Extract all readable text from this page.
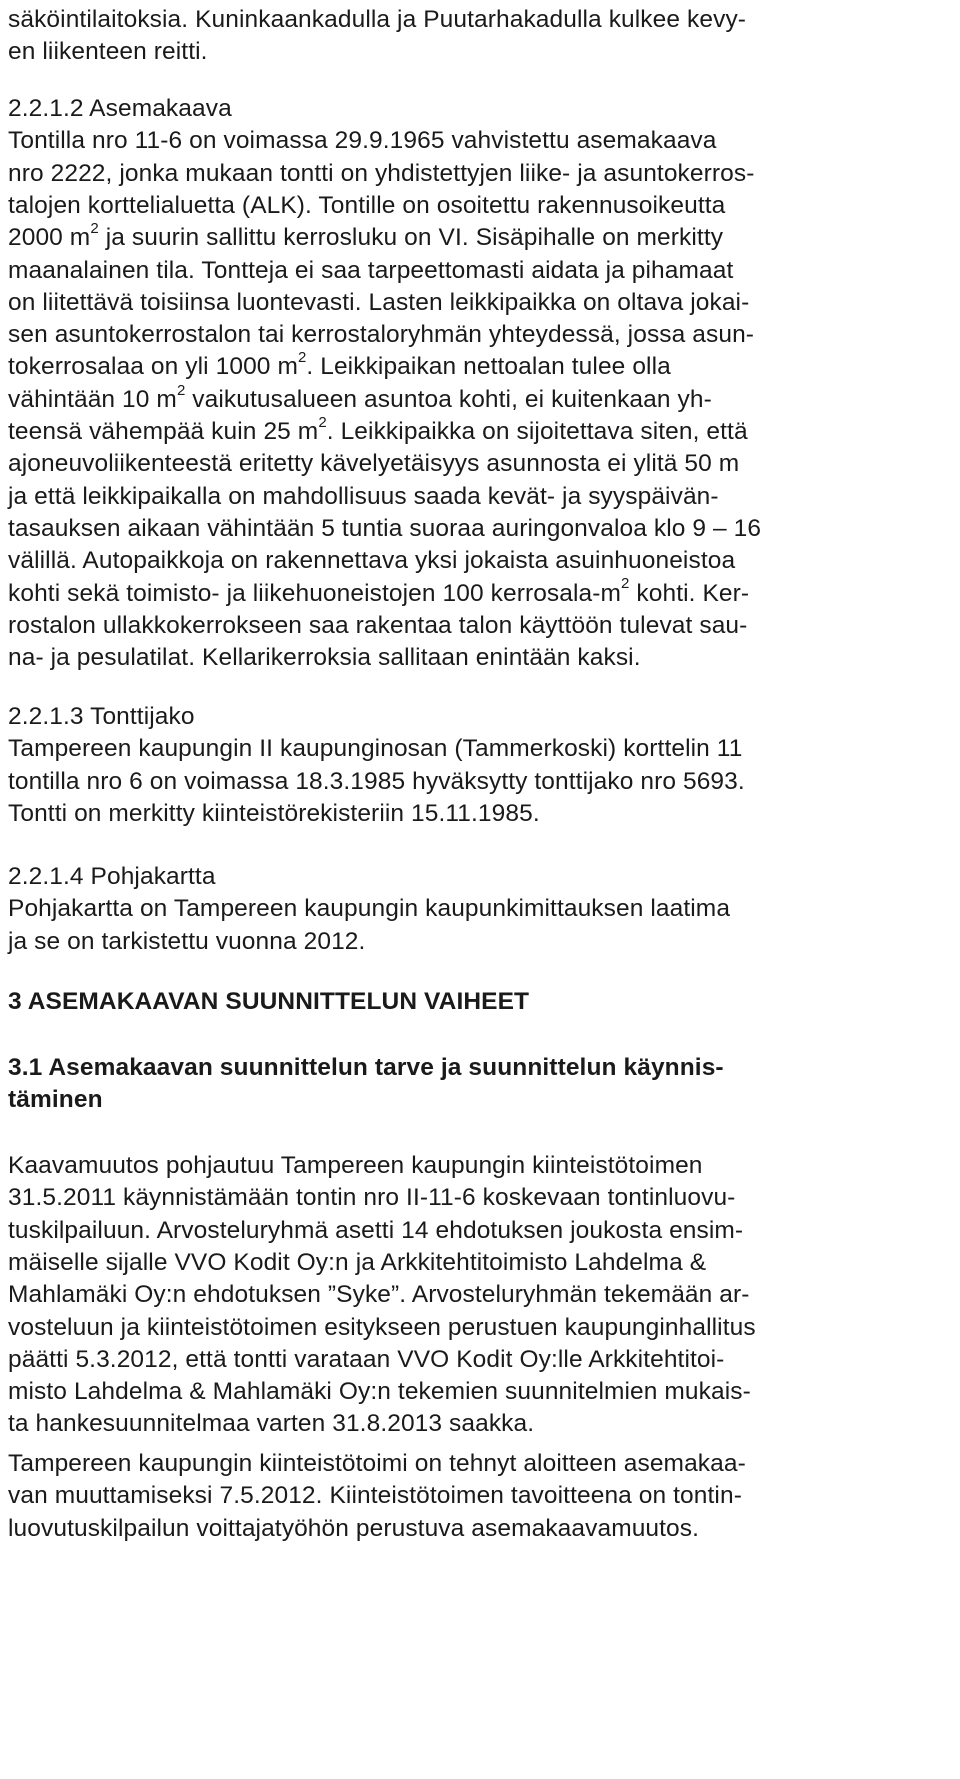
säköintilaitoksia. Kuninkaankadulla ja Puutarhakadulla kulkee kevy-
en liikenteen reitti.
2.2.1.2 Asemakaava
Tontilla nro 11-6 on voimassa 29.9.1965 vahvistettu asemakaava
nro 2222, jonka mukaan tontti on yhdistettyjen liike- ja asuntokerros-
talojen korttelialuetta (ALK). Tontille on osoitettu rakennusoikeutta
2000 $m^2$ ja suurin sallittu kerrosluku on VI. Sisäpihalle on merkitty
maanalainen tila. Tontteja ei saa tarpeettomasti aidata ja pihamaat
on liitettävä toisiinsa luontevasti. Lasten leikkipaikka on oltava jokai-
sen asuntokerrostalon tai kerrostaloryhmän yhteydessä, jossa asun-
tokerrosalaa on yli 1000 $m^2$. Leikkipaikan nettoalan tulee olla
vähintään 10 $m^2$ vaikutusalueen asuntoa kohti, ei kuitenkaan yh-
teensä vähempää kuin 25 $m^2$. Leikkipaikka on sijoitettava siten, että
ajoneuvoliikenteestä eritetty kävelyetäisyys asunnosta ei ylitä 50 m
ja että leikkipaikalla on mahdollisuus saada kevät- ja syyspäivän-
tasauksen aikaan vähintään 5 tuntia suoraa auringonvaloa klo 9 – 16
välillä. Autopaikkoja on rakennettava yksi jokaista asuinhuoneistoa
kohti sekä toimisto- ja liikehuoneistojen 100 kerrosala-$m^2$ kohti. Ker-
rostalon ullakkokerrokseen saa rakentaa talon käyttöön tulevat sau-
na- ja pesulatilat. Kellarikerroksia sallitaan enintään kaksi.
2.2.1.3 Tonttijako
Tampereen kaupungin II kaupunginosan (Tammerkoski) korttelin 11
tontilla nro 6 on voimassa 18.3.1985 hyväksytty tonttijako nro 5693.
Tontti on merkitty kiinteistörekisteriin 15.11.1985.
2.2.1.4 Pohjakartta
Pohjakartta on Tampereen kaupungin kaupunkimittauksen laatima
ja se on tarkistettu vuonna 2012.
3 ASEMAKAAVAN SUUNNITTELUN VAIHEET
3.1 Asemakaavan suunnittelun tarve ja suunnittelun käynnis-
täminen
Kaavamuutos pohjautuu Tampereen kaupungin kiinteistötoimen
31.5.2011 käynnistämään tontin nro II-11-6 koskevaan tontinluovu-
tuskilpailuun. Arvosteluryhmä asetti 14 ehdotuksen joukosta ensim-
mäiselle sijalle VVO Kodit Oy:n ja Arkkitehtitoimisto Lahdelma &
Mahlamäki Oy:n ehdotuksen ”Syke”. Arvosteluryhmän tekemään ar-
vosteluun ja kiinteistötoimen esitykseen perustuen kaupunginhallitus
päätti 5.3.2012, että tontti varataan VVO Kodit Oy:lle Arkkitehtitoi-
misto Lahdelma & Mahlamäki Oy:n tekemien suunnitelmien mukais-
ta hankesuunnitelmaa varten 31.8.2013 saakka.
Tampereen kaupungin kiinteistötoimi on tehnyt aloitteen asemakaa-
van muuttamiseksi 7.5.2012. Kiinteistötoimen tavoitteena on tontin-
luovutuskilpailun voittajatyöhön perustuva asemakaavamuutos.
